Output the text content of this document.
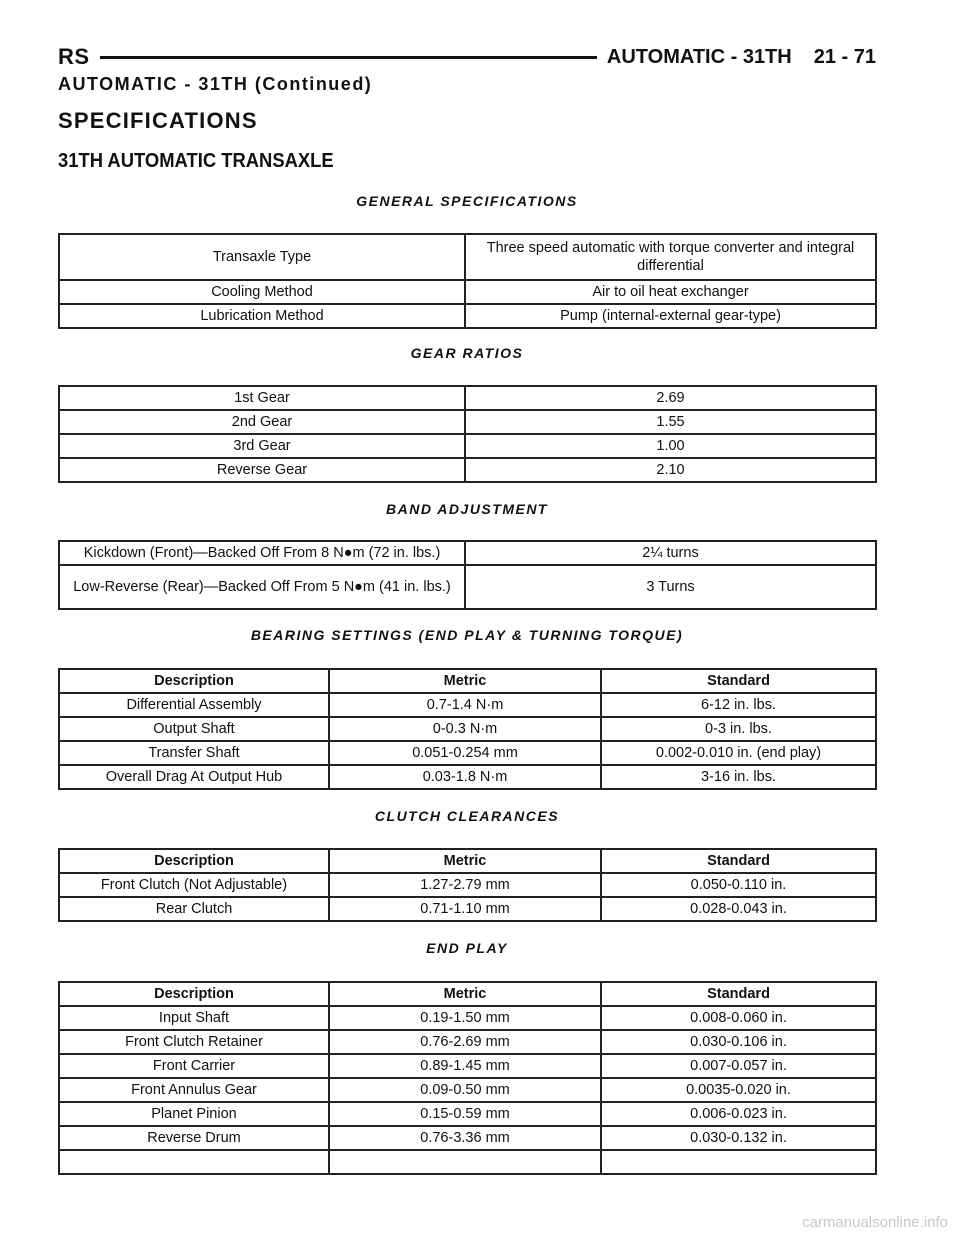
RS	AUTOMATIC - 31TH 21 - 71
AUTOMATIC - 31TH (Continued)
SPECIFICATIONS
31TH AUTOMATIC TRANSAXLE
GENERAL SPECIFICATIONS
Transaxle Type	Three speed automatic with torque converter and integral differential
Cooling Method	Air to oil heat exchanger
Lubrication Method	Pump (internal-external gear-type)
GEAR RATIOS
1st Gear	2.69
2nd Gear	1.55
3rd Gear	1.00
Reverse Gear	2.10
BAND ADJUSTMENT
Kickdown (Front)—Backed Off From 8 N●m (72 in. lbs.)	2¼ turns
Low-Reverse (Rear)—Backed Off From 5 N●m (41 in. lbs.)	3 Turns
BEARING SETTINGS (END PLAY & TURNING TORQUE)
Description	Metric	Standard
Differential Assembly	0.7-1.4 N·m	6-12 in. lbs.
Output Shaft	0-0.3 N·m	0-3 in. lbs.
Transfer Shaft	0.051-0.254 mm	0.002-0.010 in. (end play)
Overall Drag At Output Hub	0.03-1.8 N·m	3-16 in. lbs.
CLUTCH CLEARANCES
Description	Metric	Standard
Front Clutch (Not Adjustable)	1.27-2.79 mm	0.050-0.110 in.
Rear Clutch	0.71-1.10 mm	0.028-0.043 in.
END PLAY
Description	Metric	Standard
Input Shaft	0.19-1.50 mm	0.008-0.060 in.
Front Clutch Retainer	0.76-2.69 mm	0.030-0.106 in.
Front Carrier	0.89-1.45 mm	0.007-0.057 in.
Front Annulus Gear	0.09-0.50 mm	0.0035-0.020 in.
Planet Pinion	0.15-0.59 mm	0.006-0.023 in.
Reverse Drum	0.76-3.36 mm	0.030-0.132 in.

carmanualsonline.info
